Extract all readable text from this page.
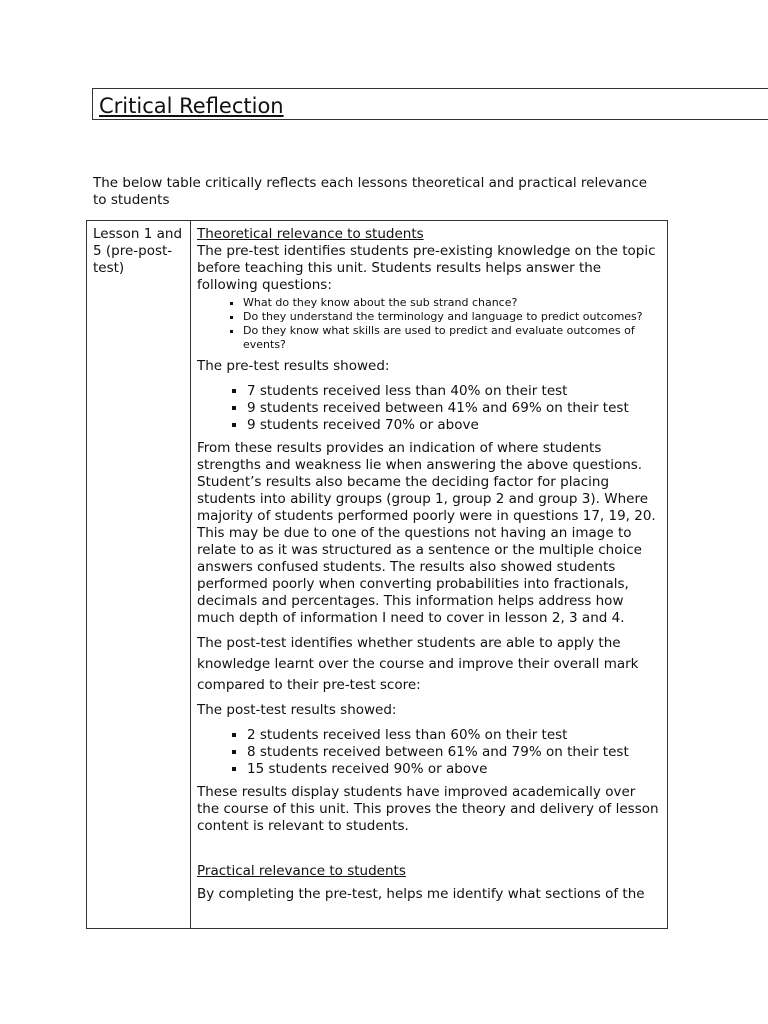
Critical Reflection

The below table critically reflects each lessons theoretical and practical relevance to students

Lesson 1 and 5 (pre-post-test)	

Theoretical relevance to students

The pre-test identifies students pre-existing knowledge on the topic before teaching this unit. Students results helps answer the following questions:

▪ What do they know about the sub strand chance?
▪ Do they understand the terminology and language to predict outcomes?
▪ Do they know what skills are used to predict and evaluate outcomes of events?

The pre-test results showed:

▪ 7 students received less than 40% on their test
▪ 9 students received between 41% and 69% on their test
▪ 9 students received 70% or above

From these results provides an indication of where students strengths and weakness lie when answering the above questions. Student’s results also became the deciding factor for placing students into ability groups (group 1, group 2 and group 3). Where majority of students performed poorly were in questions 17, 19, 20. This may be due to one of the questions not having an image to relate to as it was structured as a sentence or the multiple choice answers confused students. The results also showed students performed poorly when converting probabilities into fractionals, decimals and percentages. This information helps address how much depth of information I need to cover in lesson 2, 3 and 4.

The post-test identifies whether students are able to apply the knowledge learnt over the course and improve their overall mark compared to their pre-test score:

The post-test results showed:

▪ 2 students received less than 60% on their test
▪ 8 students received between 61% and 79% on their test
▪ 15 students received 90% or above

These results display students have improved academically over the course of this unit. This proves the theory and delivery of lesson content is relevant to students.

Practical relevance to students

By completing the pre-test, helps me identify what sections of the
